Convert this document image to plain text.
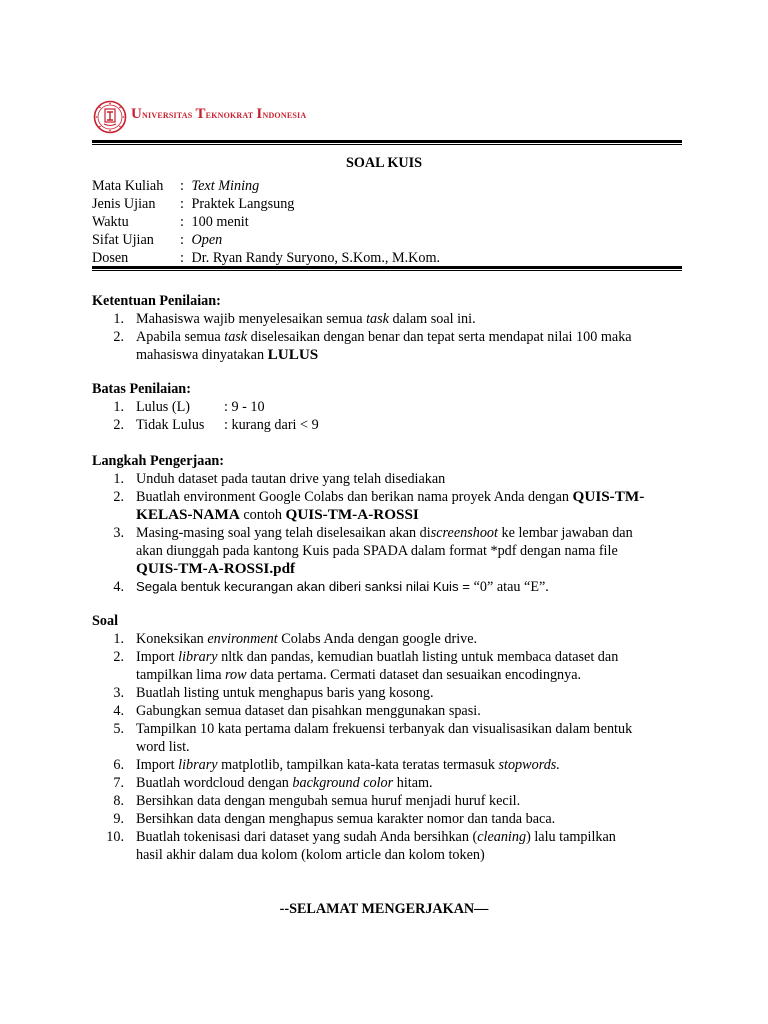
Universitas Teknokrat Indonesia
SOAL KUIS
Mata Kuliah : Text Mining
Jenis Ujian : Praktek Langsung
Waktu	: 100 menit
Sifat Ujian : Open
Dosen	: Dr. Ryan Randy Suryono, S.Kom., M.Kom.
Ketentuan Penilaian:
1. Mahasiswa wajib menyelesaikan semua task dalam soal ini.
2. Apabila semua task diselesaikan dengan benar dan tepat serta mendapat nilai 100 maka
mahasiswa dinyatakan LULUS
Batas Penilaian:
1. Lulus (L) : 9 - 10
2. Tidak Lulus : kurang dari < 9
Langkah Pengerjaan:
1. Unduh dataset pada tautan drive yang telah disediakan
2. Buatlah environment Google Colabs dan berikan nama proyek Anda dengan QUIS-TM-
KELAS-NAMA contoh QUIS-TM-A-ROSSI
3. Masing-masing soal yang telah diselesaikan akan discreenshoot ke lembar jawaban dan
akan diunggah pada kantong Kuis pada SPADA dalam format *pdf dengan nama file
QUIS-TM-A-ROSSI.pdf
4. Segala bentuk kecurangan akan diberi sanksi nilai Kuis = “0” atau “E”.
Soal
1. Koneksikan environment Colabs Anda dengan google drive.
2. Import library nltk dan pandas, kemudian buatlah listing untuk membaca dataset dan
tampilkan lima row data pertama. Cermati dataset dan sesuaikan encodingnya.
3. Buatlah listing untuk menghapus baris yang kosong.
4. Gabungkan semua dataset dan pisahkan menggunakan spasi.
5. Tampilkan 10 kata pertama dalam frekuensi terbanyak dan visualisasikan dalam bentuk
word list.
6. Import library matplotlib, tampilkan kata-kata teratas termasuk stopwords.
7. Buatlah wordcloud dengan background color hitam.
8. Bersihkan data dengan mengubah semua huruf menjadi huruf kecil.
9. Bersihkan data dengan menghapus semua karakter nomor dan tanda baca.
10. Buatlah tokenisasi dari dataset yang sudah Anda bersihkan (cleaning) lalu tampilkan
hasil akhir dalam dua kolom (kolom article dan kolom token)
--SELAMAT MENGERJAKAN—
